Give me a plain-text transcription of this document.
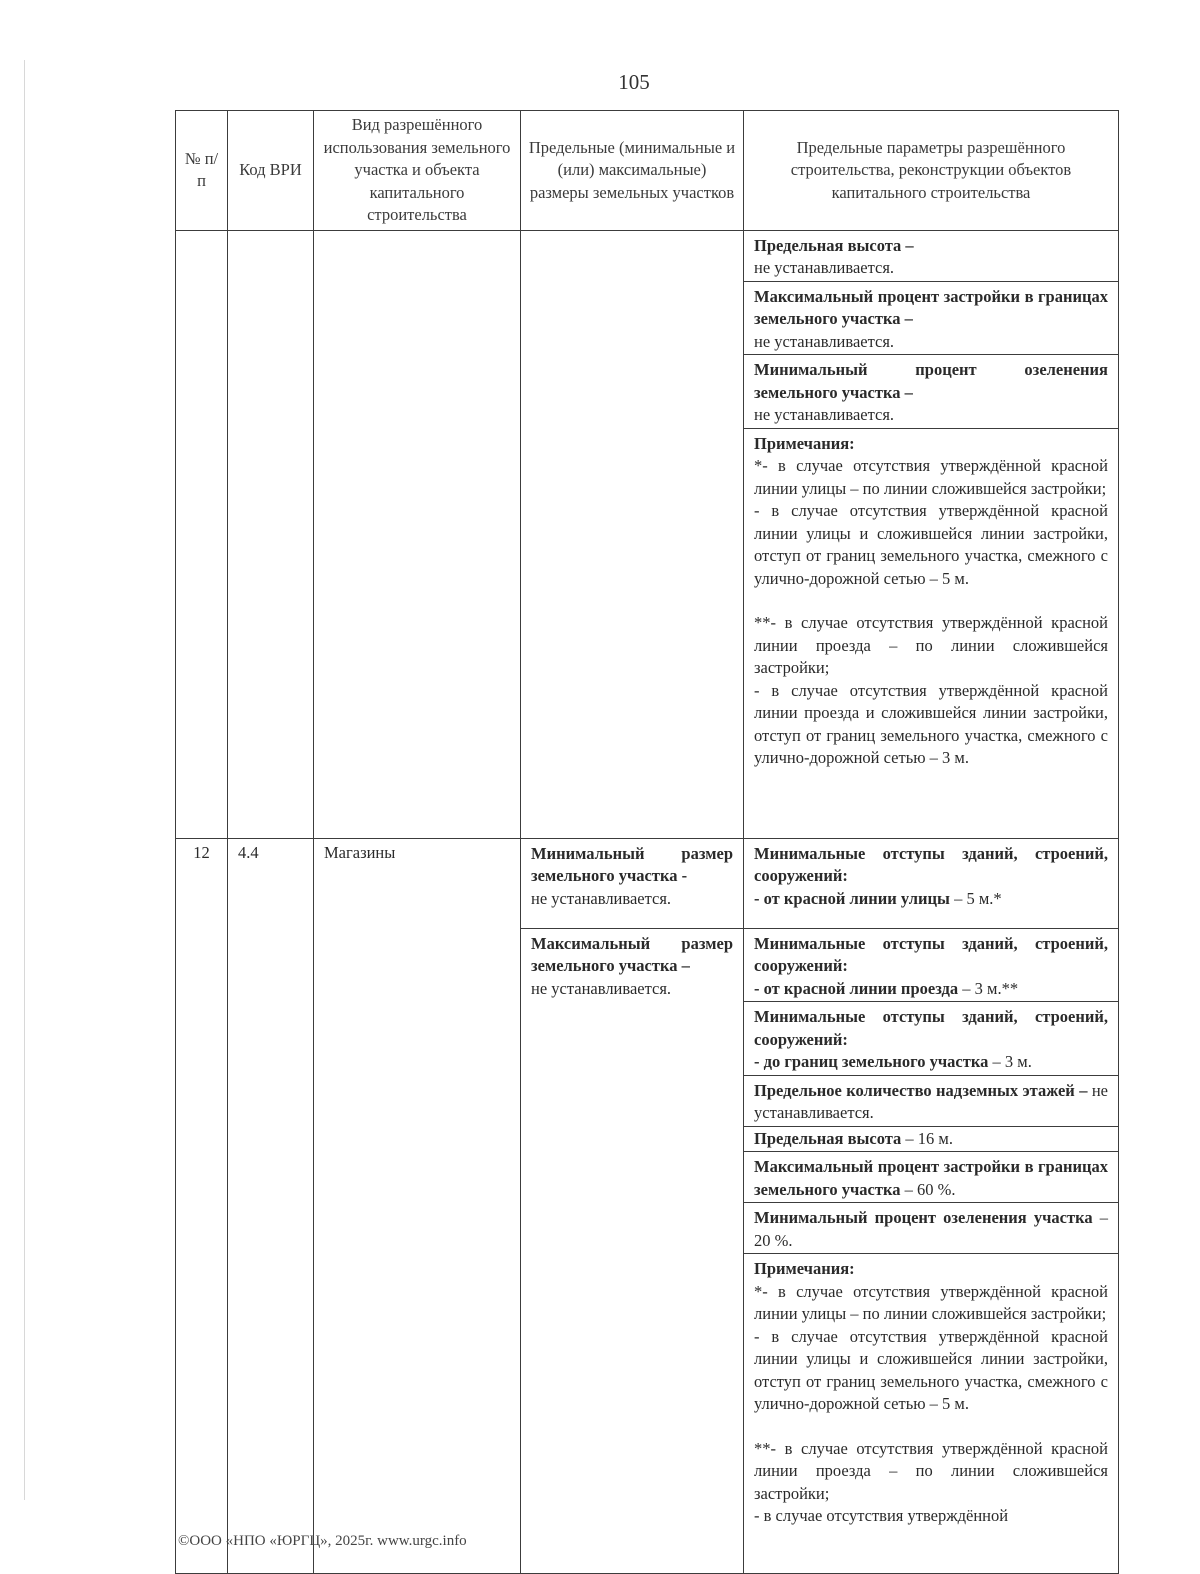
105
№ п/п	Код ВРИ	Вид разрешённого использования земельного участка и объекта капитального строительства	Предельные (минимальные и (или) максимальные) размеры земельных участков	Предельные параметры разрешённого строительства, реконструкции объектов капитального строительства

				Предельная высота –
не устанавливается.

				Максимальный процент застройки в границах земельного участка –
не устанавливается.

				Минимальный процент озеленения земельного участка –
не устанавливается.

				Примечания:
*- в случае отсутствия утверждённой красной линии улицы – по линии сложившейся застройки;
- в случае отсутствия утверждённой красной линии улицы и сложившейся линии застройки, отступ от границ земельного участка, смежного с улично-дорожной сетью – 5 м.
**- в случае отсутствия утверждённой красной линии проезда – по линии сложившейся застройки;
- в случае отсутствия утверждённой красной линии проезда и сложившейся линии застройки, отступ от границ земельного участка, смежного с улично-дорожной сетью – 3 м.

12	4.4	Магазины	Минимальный размер земельного участка -
не устанавливается.	Минимальные отступы зданий, строений, сооружений:
- от красной линии улицы – 5 м.*

			Максимальный размер земельного участка –
не устанавливается.	Минимальные отступы зданий, строений, сооружений:
- от красной линии проезда – 3 м.**

				Минимальные отступы зданий, строений, сооружений:
- до границ земельного участка – 3 м.

				Предельное количество надземных этажей – не устанавливается.

				Предельная высота – 16 м.

				Максимальный процент застройки в границах земельного участка – 60 %.

				Минимальный процент озеленения участка – 20 %.

				Примечания:
*- в случае отсутствия утверждённой красной линии улицы – по линии сложившейся застройки;
- в случае отсутствия утверждённой красной линии улицы и сложившейся линии застройки, отступ от границ земельного участка, смежного с улично-дорожной сетью – 5 м.
**- в случае отсутствия утверждённой красной линии проезда – по линии сложившейся застройки;
- в случае отсутствия утверждённой
©ООО «НПО «ЮРГЦ», 2025г. www.urgc.info
